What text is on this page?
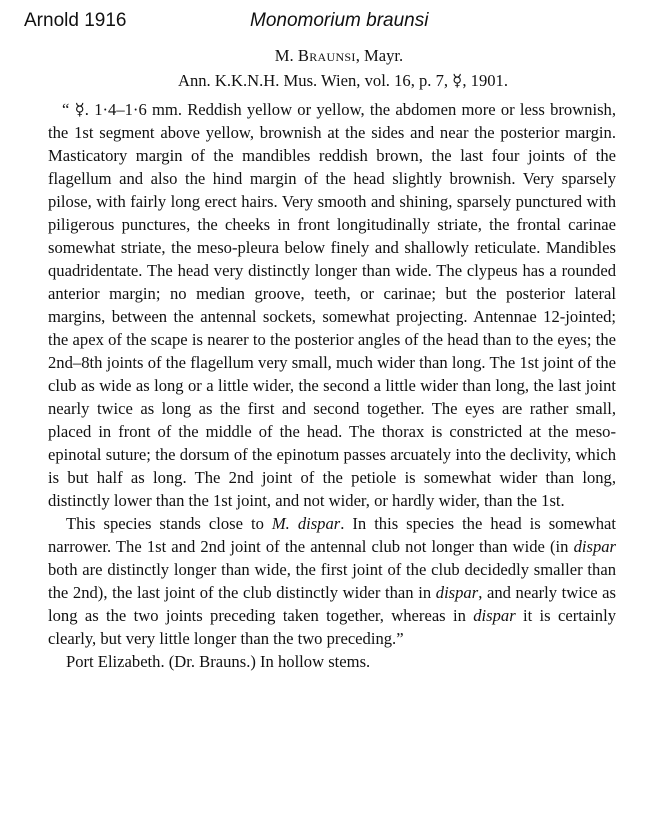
Arnold 1916	Monomorium braunsi

M. Braunsi, Mayr.

Ann. K.K.N.H. Mus. Wien, vol. 16, p. 7, ☿, 1901.

“ ☿. 1·4–1·6 mm. Reddish yellow or yellow, the abdomen more or less brownish, the 1st segment above yellow, brownish at the sides and near the posterior margin. Masticatory margin of the mandibles reddish brown, the last four joints of the flagellum and also the hind margin of the head slightly brownish. Very sparsely pilose, with fairly long erect hairs. Very smooth and shining, sparsely punctured with piligerous punctures, the cheeks in front longitudinally striate, the frontal carinae somewhat striate, the meso-pleura below finely and shallowly reticulate. Mandibles quadridentate. The head very distinctly longer than wide. The clypeus has a rounded anterior margin; no median groove, teeth, or carinae; but the posterior lateral margins, between the antennal sockets, somewhat projecting. Antennae 12-jointed; the apex of the scape is nearer to the posterior angles of the head than to the eyes; the 2nd–8th joints of the flagellum very small, much wider than long. The 1st joint of the club as wide as long or a little wider, the second a little wider than long, the last joint nearly twice as long as the first and second together. The eyes are rather small, placed in front of the middle of the head. The thorax is constricted at the meso-epinotal suture; the dorsum of the epinotum passes arcuately into the declivity, which is but half as long. The 2nd joint of the petiole is somewhat wider than long, distinctly lower than the 1st joint, and not wider, or hardly wider, than the 1st.

This species stands close to M. dispar. In this species the head is somewhat narrower. The 1st and 2nd joint of the antennal club not longer than wide (in dispar both are distinctly longer than wide, the first joint of the club decidedly smaller than the 2nd), the last joint of the club distinctly wider than in dispar, and nearly twice as long as the two joints preceding taken together, whereas in dispar it is certainly clearly, but very little longer than the two preceding.”

Port Elizabeth. (Dr. Brauns.) In hollow stems.
